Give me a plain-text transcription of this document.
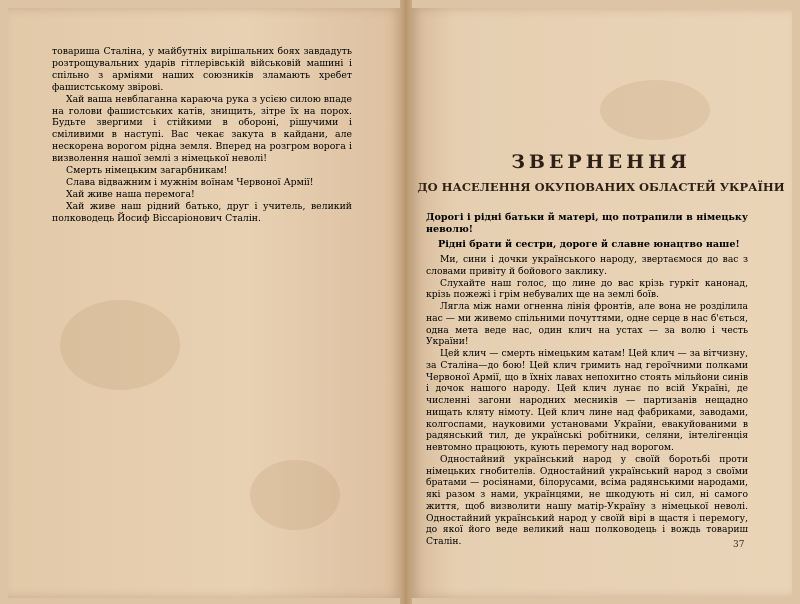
товариша Сталіна, у майбутніх вирішальних боях завдадуть розтрощувальних ударів гітлерівській військовій машині і спільно з арміями наших союзників зламають хребет фашистському звірові.

Хай ваша невблаганна караюча рука з усією силою впаде на голови фашистських катів, знищить, зітре їх на порох. Будьте звергими і стійкими в обороні, рішучими і сміливими в наступі. Вас чекає закута в кайдани, але нескорена ворогом рідна земля. Вперед на розгром ворога і визволення нашої землі з німецької неволі!

Смерть німецьким загарбникам!

Слава відважним і мужнім воїнам Червоної Армії!

Хай живе наша перемога!

Хай живе наш рідний батько, друг і учитель, великий полководець Йосиф Віссаріонович Сталін.

ЗВЕРНЕННЯ
ДО НАСЕЛЕННЯ ОКУПОВАНИХ ОБЛАСТЕЙ УКРАЇНИ

Дорогі і рідні батьки й матері, що потрапили в німецьку неволю!

Рідні брати й сестри, дороге й славне юнацтво наше!

Ми, сини і дочки українського народу, звертаємося до вас з словами привіту й бойового заклику.

Слухайте наш голос, що лине до вас крізь гуркіт канонад, крізь пожежі і грім небувалих ще на землі боїв.

Лягла між нами огненна лінія фронтів, але вона не розділила нас — ми живемо спільними почуттями, одне серце в нас б'ється, одна мета веде нас, один клич на устах — за волю і честь України!

Цей клич — смерть німецьким катам! Цей клич — за вітчизну, за Сталіна—до бою! Цей клич гримить над героїчними полками Червоної Армії, що в їхніх лавах непохитно стоять мільйони синів і дочок нашого народу. Цей клич лунає по всій Україні, де численні загони народних месників — партизанів нещадно нищать кляту німоту. Цей клич линe над фабриками, заводами, колгоспами, науковими установами України, евакуйованими в радянський тил, де українські робітники, селяни, інтелігенція невтомно працюють, кують перемогу над ворогом.

Одностайний український народ у своїй боротьбі проти німецьких гнобителів. Одностайний український народ з своїми братами — росіянами, білорусами, всіма радянськими народами, які разом з нами, українцями, не шкодують ні сил, ні самого життя, щоб визволити нашу матір-Україну з німецької неволі. Одностайний український народ у своїй вірі в щастя і перемогу, до якої його веде великий наш полководець і вождь товариш Сталін.	37
